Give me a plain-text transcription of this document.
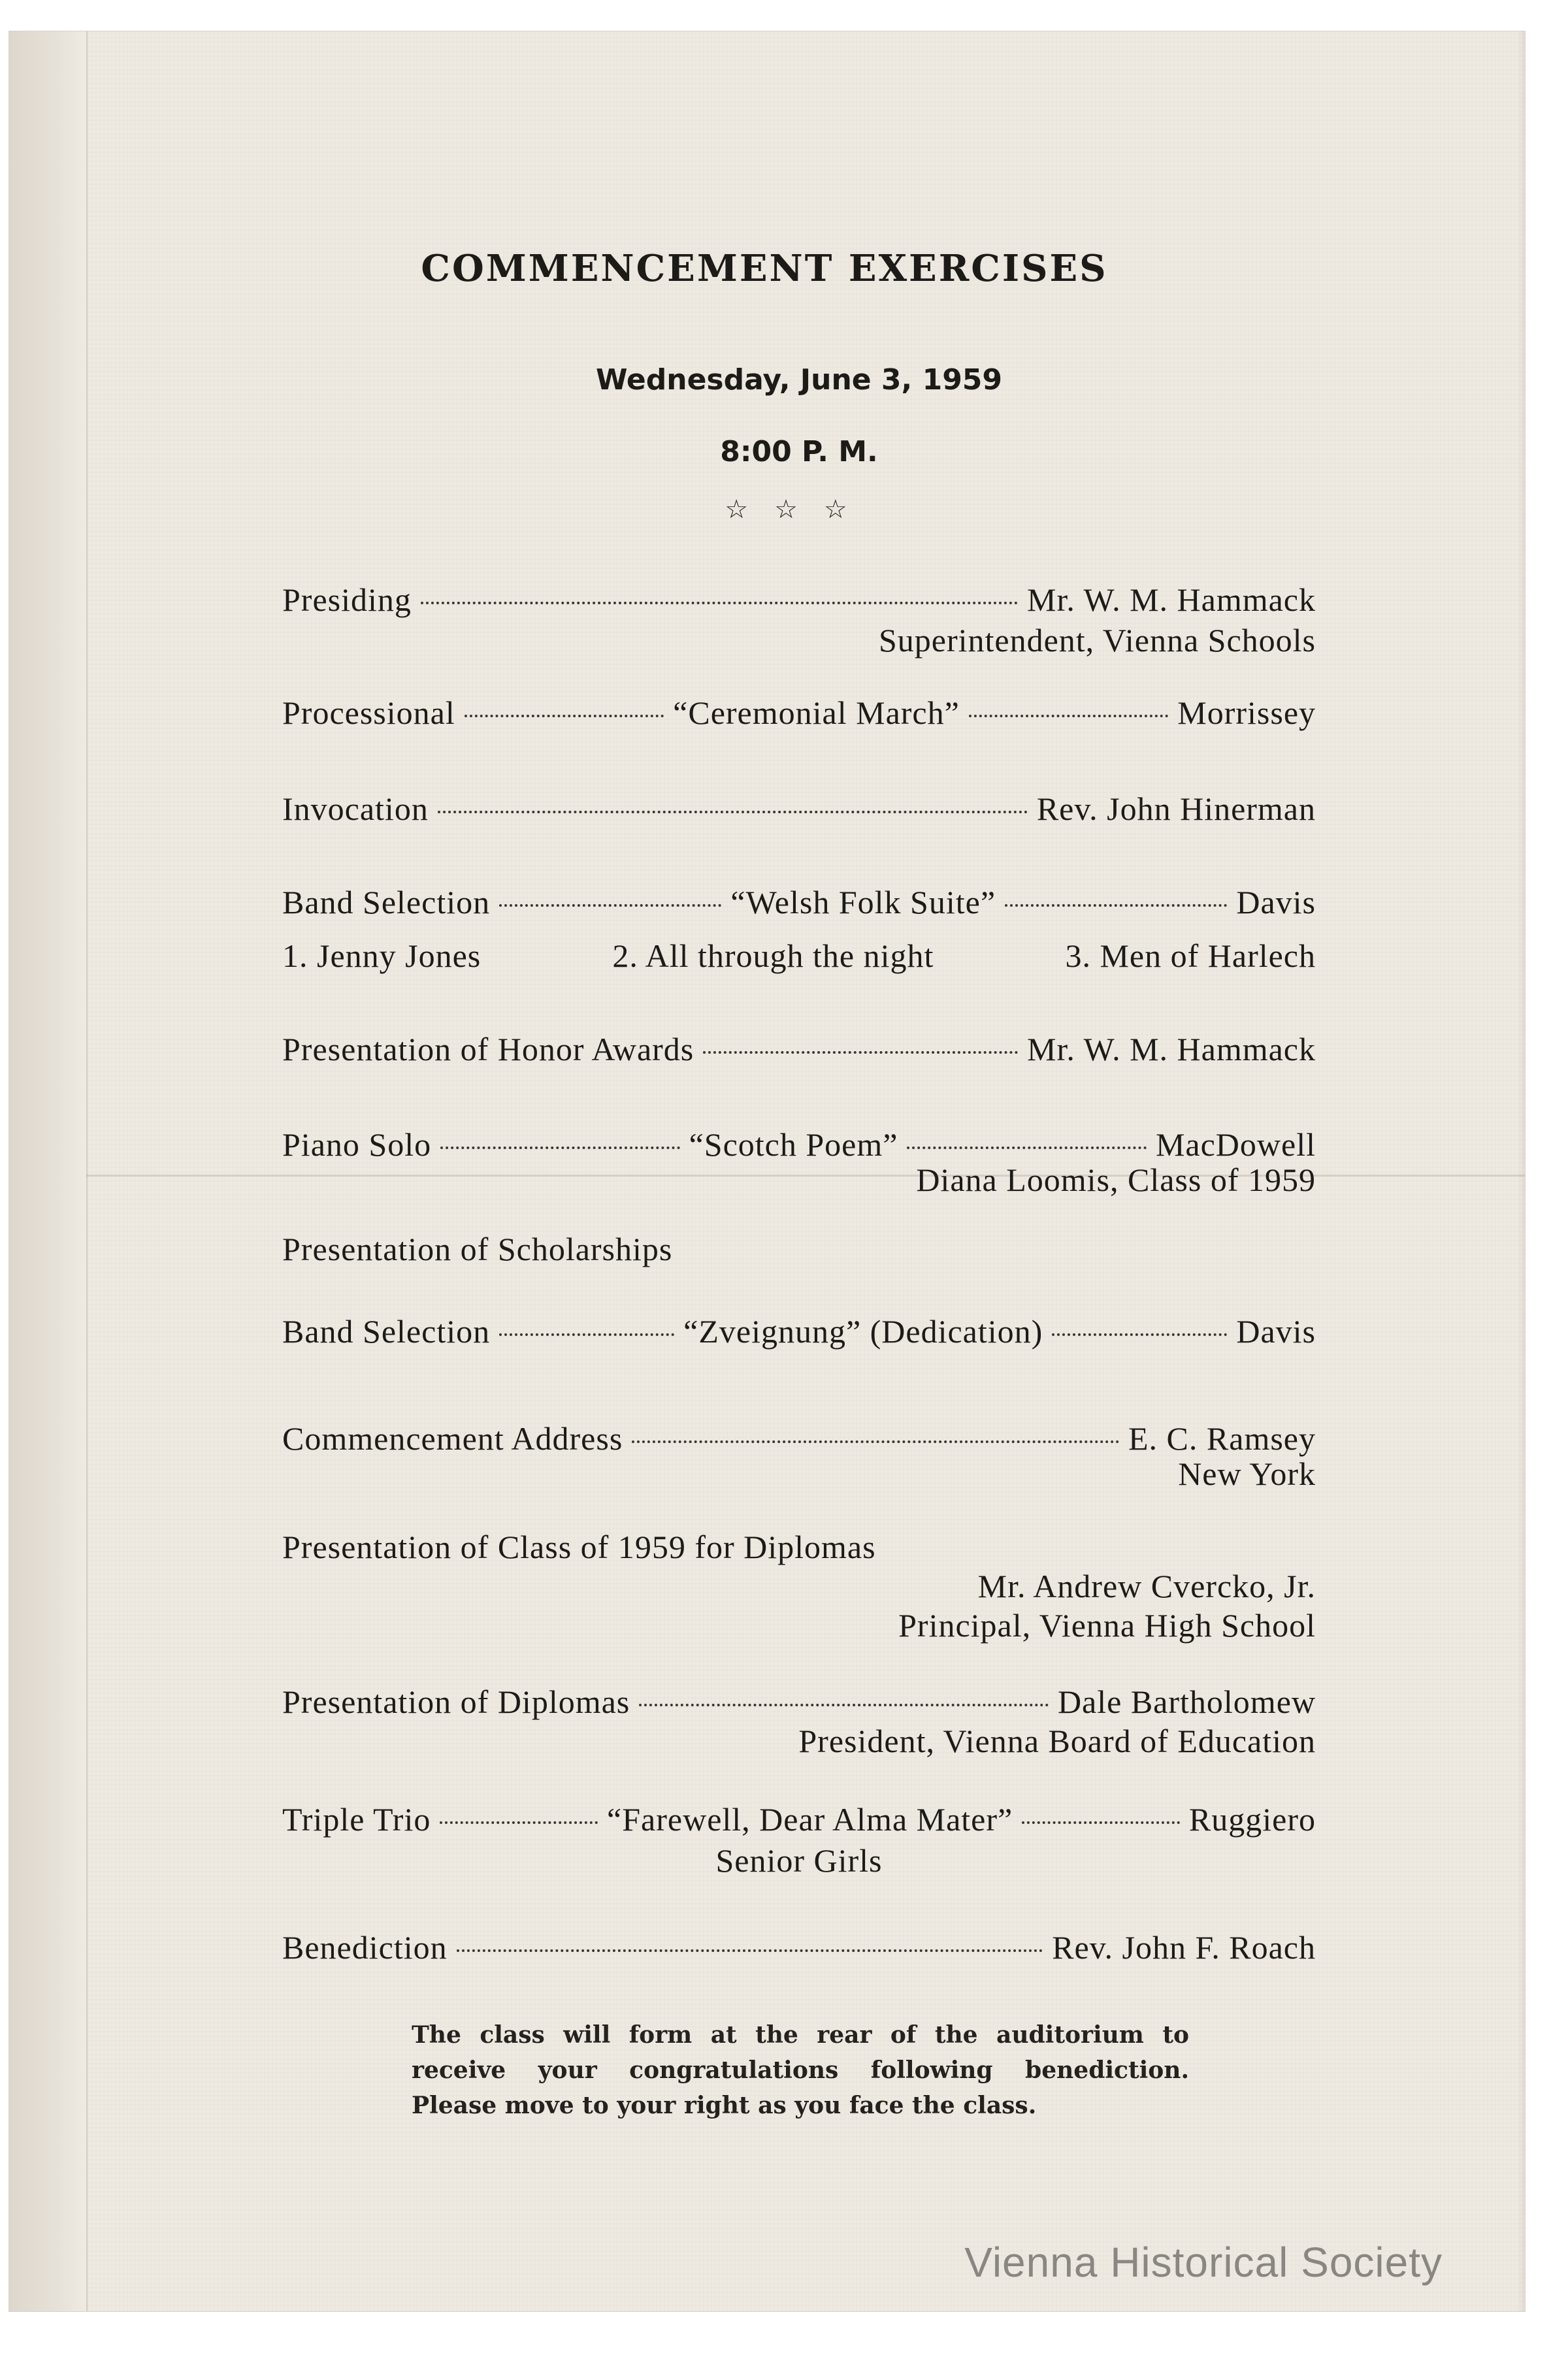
COMMENCEMENT EXERCISES
Wednesday, June 3, 1959
8:00 P. M.
☆☆☆
Presiding	Mr. W. M. Hammack
Superintendent, Vienna Schools
Processional	“Ceremonial March”	Morrissey
Invocation	Rev. John Hinerman
Band Selection	“Welsh Folk Suite”	Davis
1. Jenny Jones	2. All through the night	3. Men of Harlech
Presentation of Honor Awards	Mr. W. M. Hammack
Piano Solo	“Scotch Poem”	MacDowell
Diana Loomis, Class of 1959
Presentation of Scholarships
Band Selection	“Zveignung” (Dedication)	Davis
Commencement Address	E. C. Ramsey
New York
Presentation of Class of 1959 for Diplomas
Mr. Andrew Cvercko, Jr.
Principal, Vienna High School
Presentation of Diplomas	Dale Bartholomew
President, Vienna Board of Education
Triple Trio	“Farewell, Dear Alma Mater”	Ruggiero
Senior Girls
Benediction	Rev. John F. Roach
The class will form at the rear of the auditorium to
receive your congratulations following benediction.
Please move to your right as you face the class.
Vienna Historical Society
